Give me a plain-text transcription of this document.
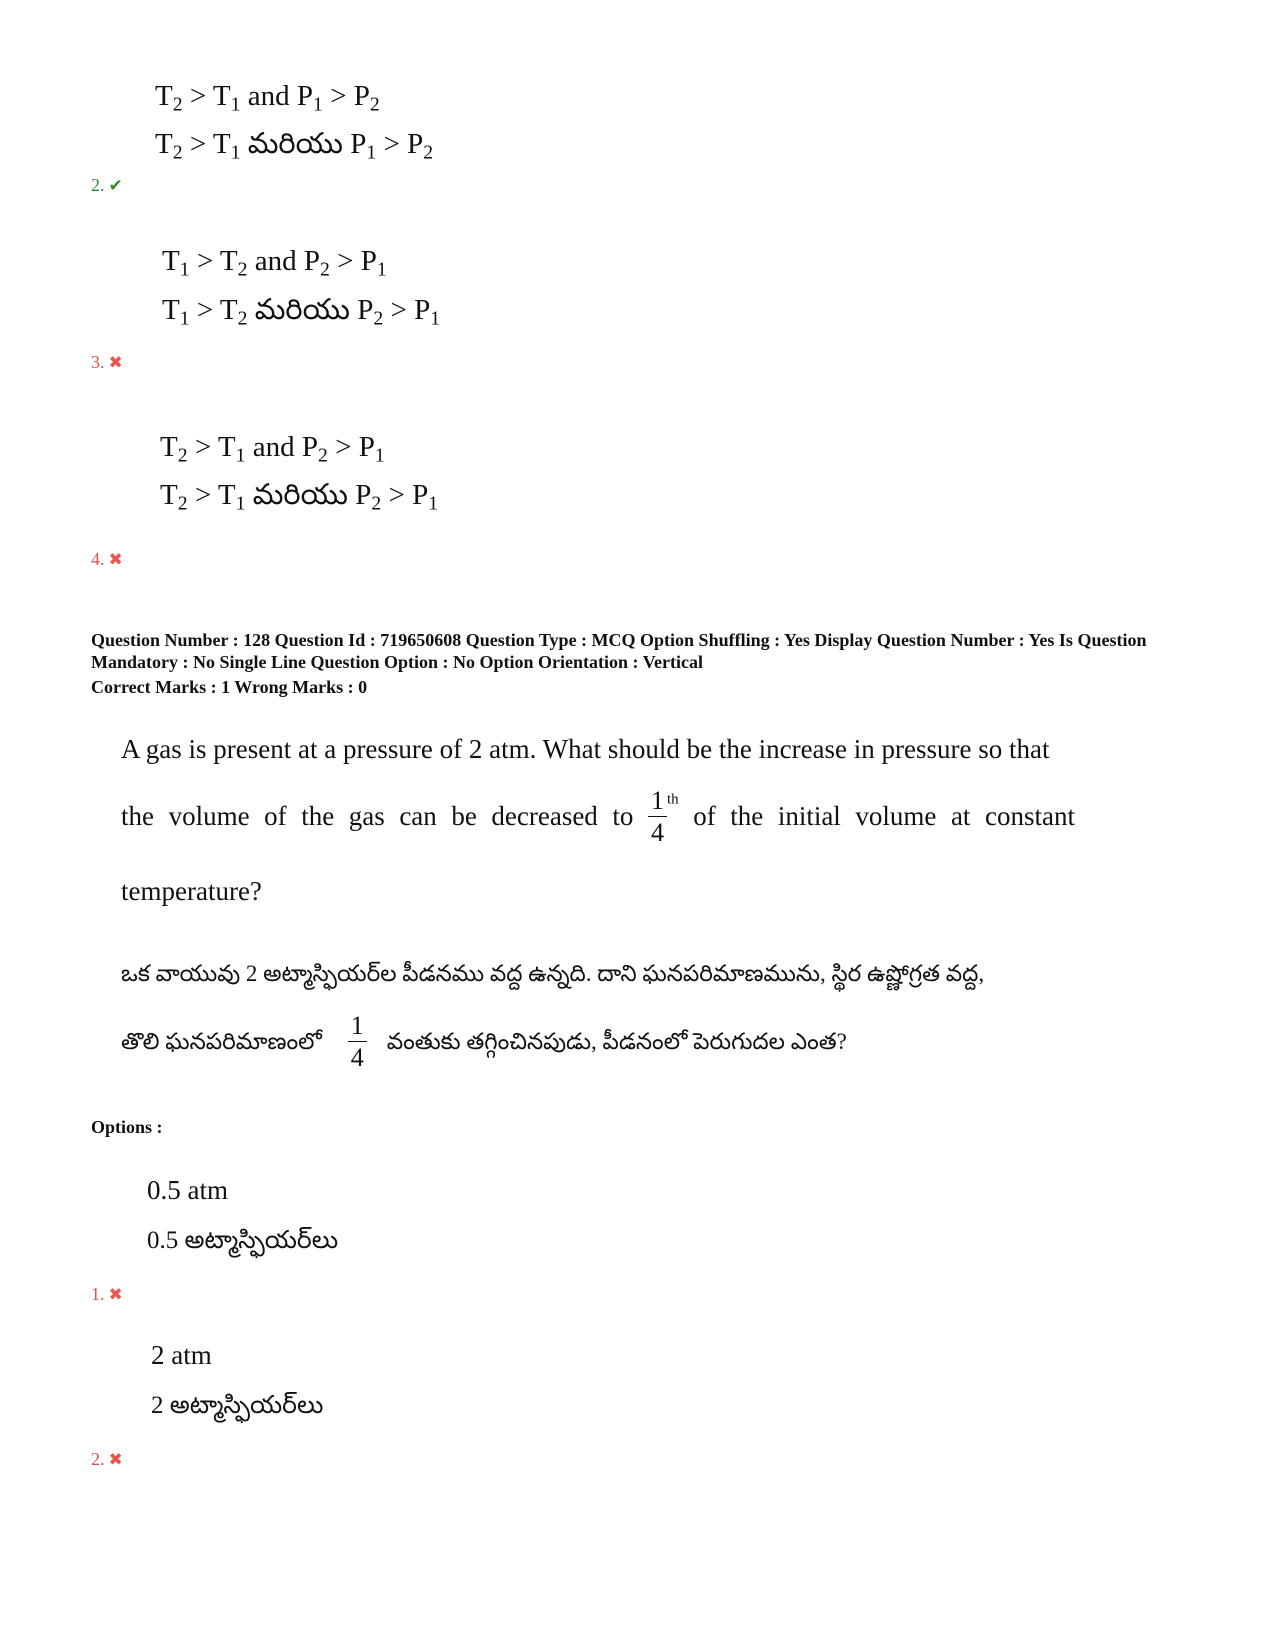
$T_2 > T_1$ and $P_1 > P_2$
$T_2 > T_1$ మరియు $P_1 > P_2$
2. ✔
$T_1 > T_2$ and $P_2 > P_1$
$T_1 > T_2$ మరియు $P_2 > P_1$
3. ✖
$T_2 > T_1$ and $P_2 > P_1$
$T_2 > T_1$ మరియు $P_2 > P_1$
4. ✖
Question Number : 128 Question Id : 719650608 Question Type : MCQ Option Shuffling : Yes Display Question Number : Yes Is Question Mandatory : No Single Line Question Option : No Option Orientation : Vertical
Correct Marks : 1 Wrong Marks : 0
A gas is present at a pressure of 2 atm. What should be the increase in pressure so that
the volume of the gas can be decreased to $\frac{1}{4} ^{th}$
of the initial volume at constant
temperature?
ఒక వాయువు 2 అట్మాస్ఫియర్‌ల పీడనము వద్ద ఉన్నది. దాని ఘనపరిమాణమును, స్థిర ఉష్ణోగ్రత వద్ద,
తొలి ఘనపరిమాణంలో $\frac{1}{4}$ వంతుకు తగ్గించినపుడు, పీడనంలో పెరుగుదల ఎంత?
Options :
0.5 atm
0.5 అట్మాస్ఫియర్‌లు
1. ✖
2 atm
2 అట్మాస్ఫియర్‌లు
2. ✖
